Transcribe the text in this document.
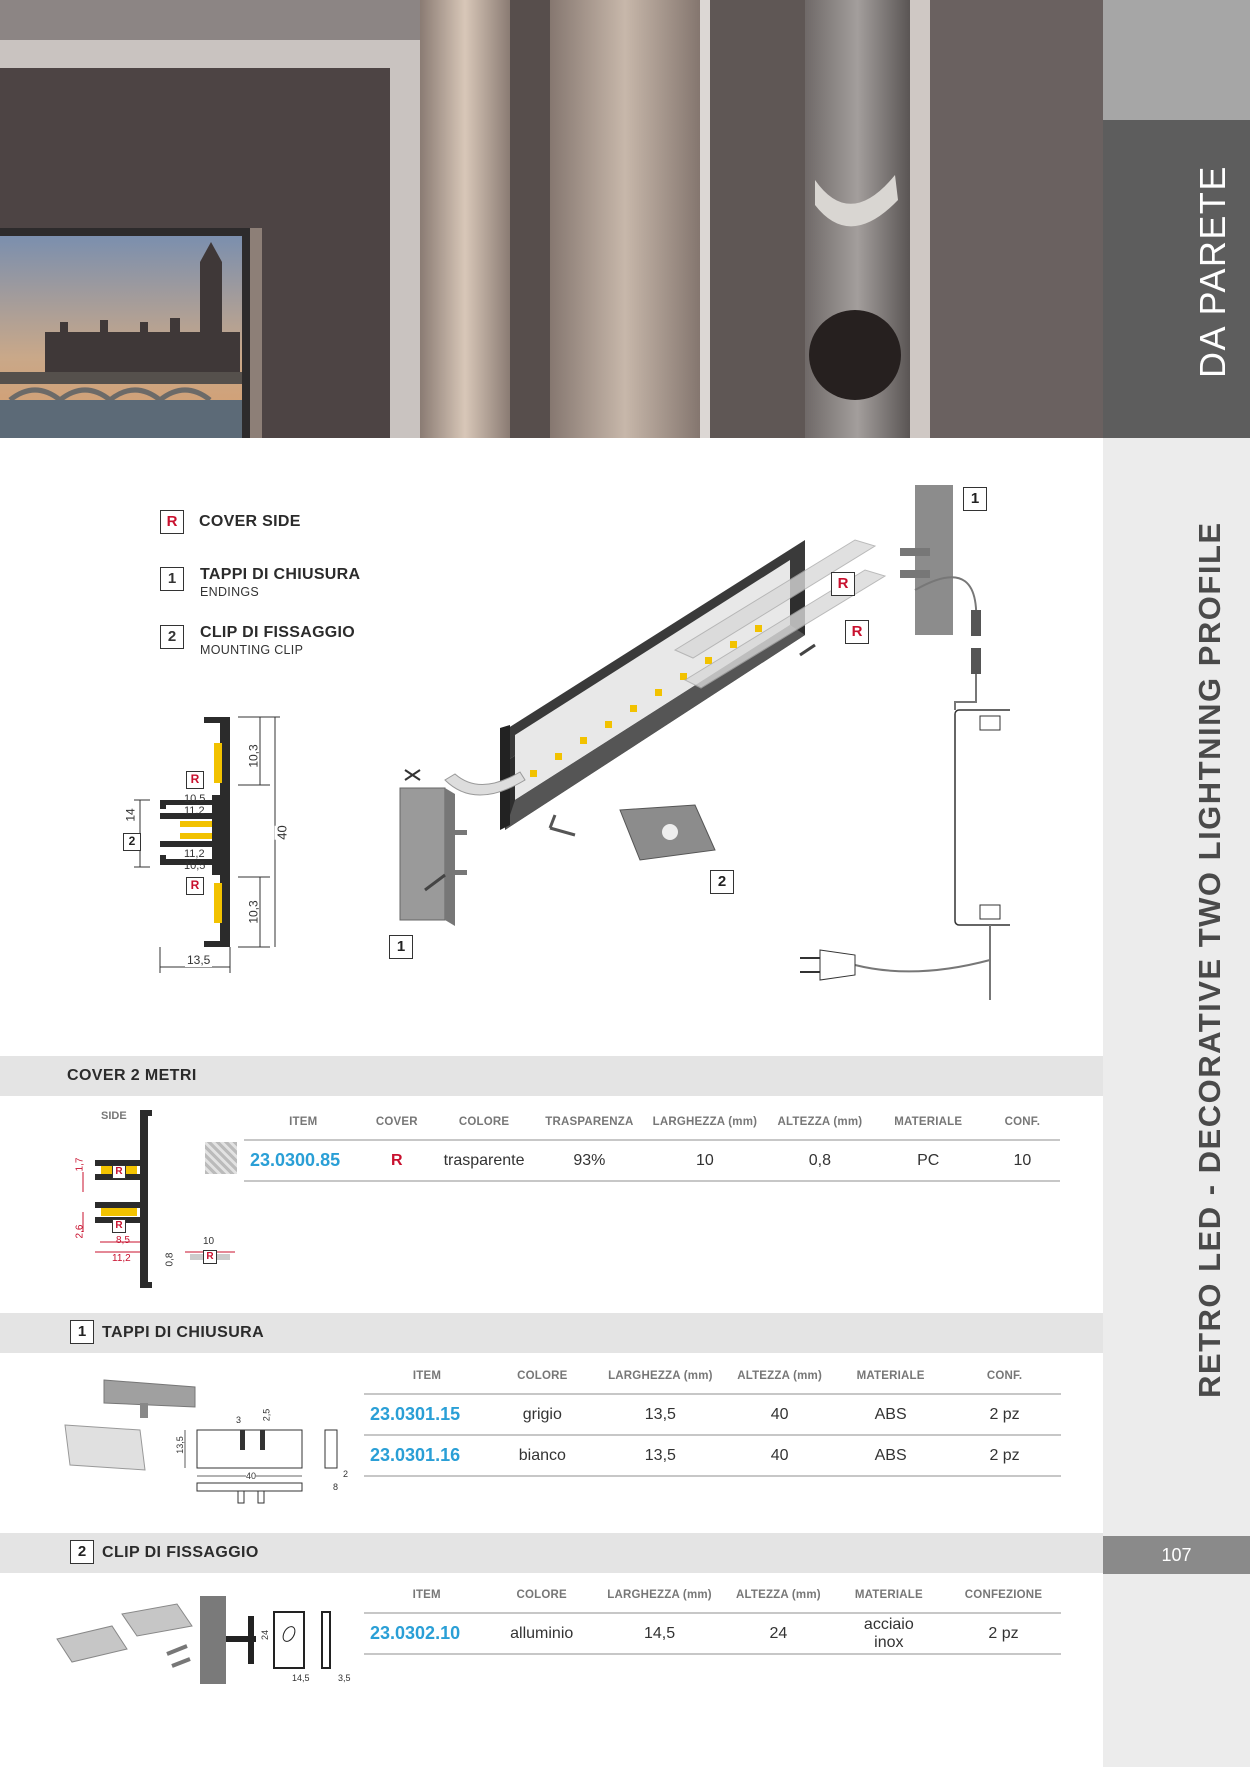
DA PARETE
RETRO LED - DECORATIVE TWO LIGHTNING PROFILE
107
R	COVER SIDE
1	TAPPI DI CHIUSURA
ENDINGS
2	CLIP DI FISSAGGIO
MOUNTING CLIP
10,3
10,3
40
14
13,5
10,5
11,2
11,2
10,5
R
R
2
1
R
R
2
1
COVER 2 METRI
SIDE
1,7
2,6
8,5
11,2
10
0,8
R
R
R
ITEM	COVER	COLORE	TRASPARENZA	LARGHEZZA (mm)	ALTEZZA (mm)	MATERIALE	CONF.
23.0300.85	R	trasparente	93%	10	0,8	PC	10
1 TAPPI DI CHIUSURA
3 2,5
13,5
40	2
8
ITEM	COLORE	LARGHEZZA (mm)	ALTEZZA (mm)	MATERIALE	CONF.
23.0301.15	grigio	13,5	40	ABS	2 pz
23.0301.16	bianco	13,5	40	ABS	2 pz
2 CLIP DI FISSAGGIO
24
14,5	3,5
ITEM	COLORE	LARGHEZZA (mm)	ALTEZZA (mm)	MATERIALE	CONFEZIONE
23.0302.10	alluminio	14,5	24	acciaio inox	2 pz
